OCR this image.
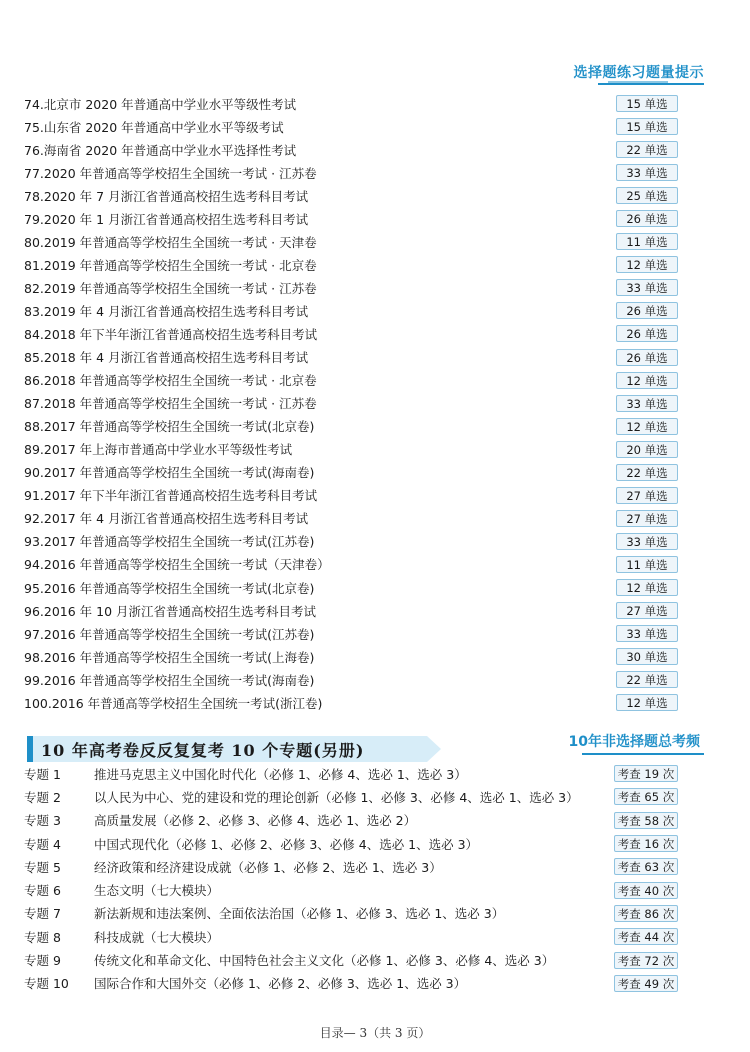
选择题练习题量提示
74.北京市 2020 年普通高中学业水平等级性考试	15 单选
75.山东省 2020 年普通高中学业水平等级考试	15 单选
76.海南省 2020 年普通高中学业水平选择性考试	22 单选
77.2020 年普通高等学校招生全国统一考试 · 江苏卷	33 单选
78.2020 年 7 月浙江省普通高校招生选考科目考试	25 单选
79.2020 年 1 月浙江省普通高校招生选考科目考试	26 单选
80.2019 年普通高等学校招生全国统一考试 · 天津卷	11 单选
81.2019 年普通高等学校招生全国统一考试 · 北京卷	12 单选
82.2019 年普通高等学校招生全国统一考试 · 江苏卷	33 单选
83.2019 年 4 月浙江省普通高校招生选考科目考试	26 单选
84.2018 年下半年浙江省普通高校招生选考科目考试	26 单选
85.2018 年 4 月浙江省普通高校招生选考科目考试	26 单选
86.2018 年普通高等学校招生全国统一考试 · 北京卷	12 单选
87.2018 年普通高等学校招生全国统一考试 · 江苏卷	33 单选
88.2017 年普通高等学校招生全国统一考试(北京卷)	12 单选
89.2017 年上海市普通高中学业水平等级性考试	20 单选
90.2017 年普通高等学校招生全国统一考试(海南卷)	22 单选
91.2017 年下半年浙江省普通高校招生选考科目考试	27 单选
92.2017 年 4 月浙江省普通高校招生选考科目考试	27 单选
93.2017 年普通高等学校招生全国统一考试(江苏卷)	33 单选
94.2016 年普通高等学校招生全国统一考试（天津卷）	11 单选
95.2016 年普通高等学校招生全国统一考试(北京卷)	12 单选
96.2016 年 10 月浙江省普通高校招生选考科目考试	27 单选
97.2016 年普通高等学校招生全国统一考试(江苏卷)	33 单选
98.2016 年普通高等学校招生全国统一考试(上海卷)	30 单选
99.2016 年普通高等学校招生全国统一考试(海南卷)	22 单选
100.2016 年普通高等学校招生全国统一考试(浙江卷)	12 单选
10 年高考卷反反复复考 10 个专题(另册)	10年非选择题总考频
专题 1	推进马克思主义中国化时代化（必修 1、必修 4、选必 1、选必 3）	考查 19 次
专题 2	以人民为中心、党的建设和党的理论创新（必修 1、必修 3、必修 4、选必 1、选必 3）	考查 65 次
专题 3	高质量发展（必修 2、必修 3、必修 4、选必 1、选必 2）	考查 58 次
专题 4	中国式现代化（必修 1、必修 2、必修 3、必修 4、选必 1、选必 3）	考查 16 次
专题 5	经济政策和经济建设成就（必修 1、必修 2、选必 1、选必 3）	考查 63 次
专题 6	生态文明（七大模块）	考查 40 次
专题 7	新法新规和违法案例、全面依法治国（必修 1、必修 3、选必 1、选必 3）	考查 86 次
专题 8	科技成就（七大模块）	考查 44 次
专题 9	传统文化和革命文化、中国特色社会主义文化（必修 1、必修 3、必修 4、选必 3）	考查 72 次
专题 10	国际合作和大国外交（必修 1、必修 2、必修 3、选必 1、选必 3）	考查 49 次
目录— 3（共 3 页）
